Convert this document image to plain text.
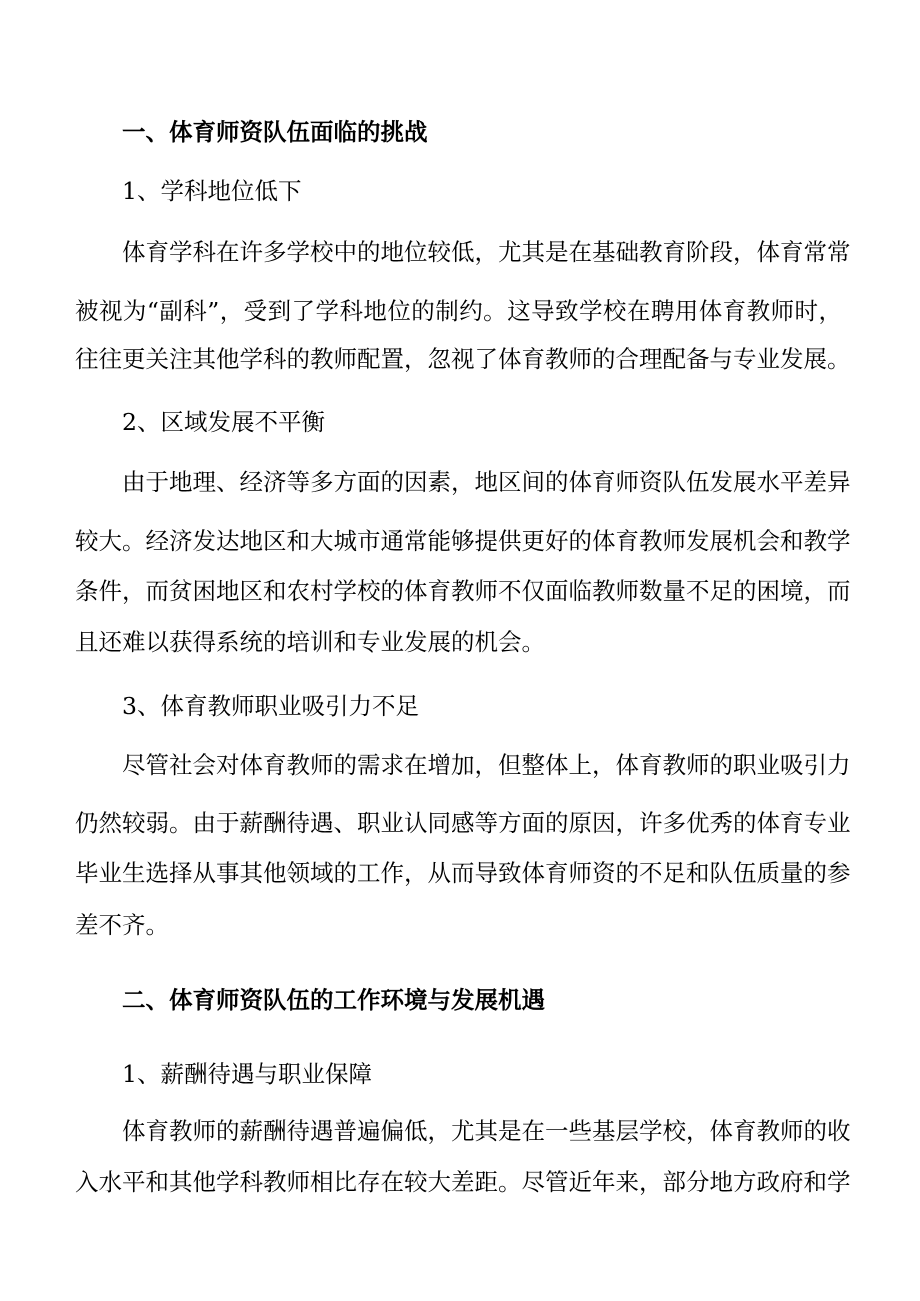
一、体育师资队伍面临的挑战

1、学科地位低下

体育学科在许多学校中的地位较低，尤其是在基础教育阶段，体育常常

被视为“副科”，受到了学科地位的制约。这导致学校在聘用体育教师时，

往往更关注其他学科的教师配置，忽视了体育教师的合理配备与专业发展。

2、区域发展不平衡

由于地理、经济等多方面的因素，地区间的体育师资队伍发展水平差异

较大。经济发达地区和大城市通常能够提供更好的体育教师发展机会和教学

条件，而贫困地区和农村学校的体育教师不仅面临教师数量不足的困境，而

且还难以获得系统的培训和专业发展的机会。

3、体育教师职业吸引力不足

尽管社会对体育教师的需求在增加，但整体上，体育教师的职业吸引力

仍然较弱。由于薪酬待遇、职业认同感等方面的原因，许多优秀的体育专业

毕业生选择从事其他领域的工作，从而导致体育师资的不足和队伍质量的参

差不齐。

二、体育师资队伍的工作环境与发展机遇

1、薪酬待遇与职业保障

体育教师的薪酬待遇普遍偏低，尤其是在一些基层学校，体育教师的收

入水平和其他学科教师相比存在较大差距。尽管近年来，部分地方政府和学
